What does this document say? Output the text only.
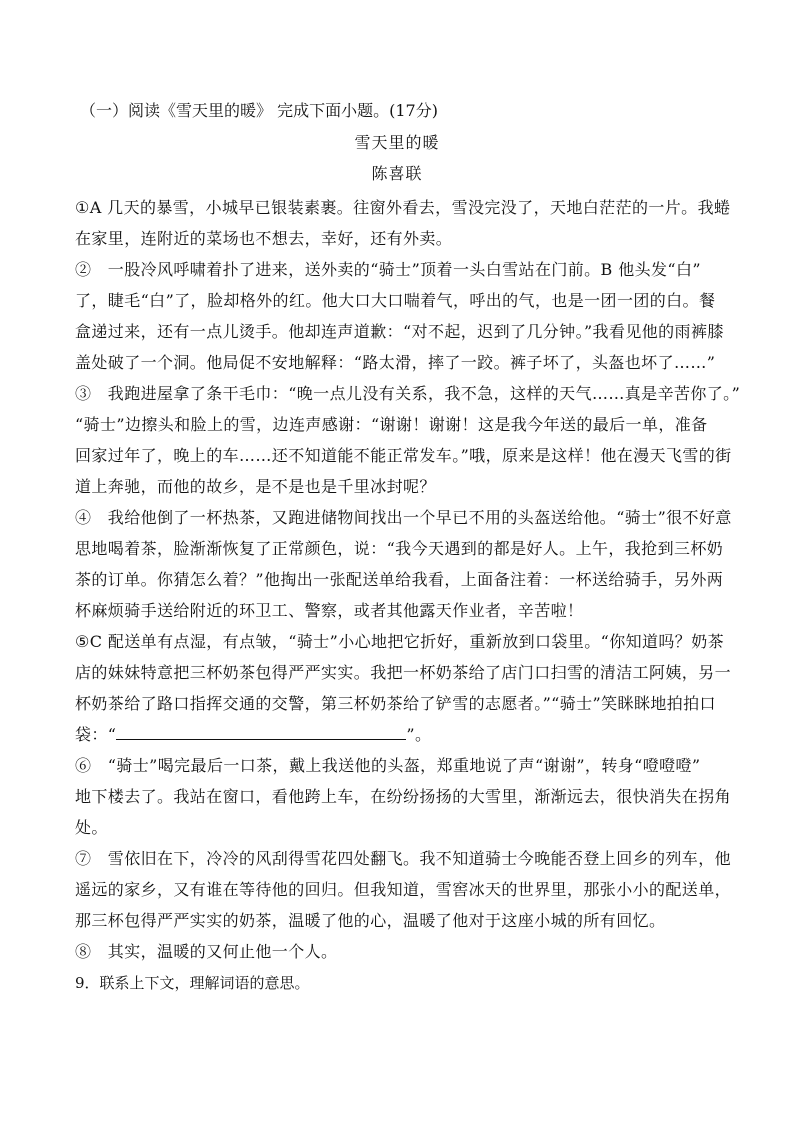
（一）阅读《雪天里的暖》 完成下面小题。(17分)
雪天里的暖
陈喜联
①A 几天的暴雪，小城早已银装素裹。往窗外看去，雪没完没了，天地白茫茫的一片。我蜷
在家里，连附近的菜场也不想去，幸好，还有外卖。
②　一股冷风呼啸着扑了进来，送外卖的“骑士”顶着一头白雪站在门前。B 他头发“白”
了，睫毛“白”了，脸却格外的红。他大口大口喘着气，呼出的气，也是一团一团的白。餐
盒递过来，还有一点儿烫手。他却连声道歉：“对不起，迟到了几分钟。”我看见他的雨裤膝
盖处破了一个洞。他局促不安地解释：“路太滑，摔了一跤。裤子坏了，头盔也坏了……”
③　我跑进屋拿了条干毛巾：“晚一点儿没有关系，我不急，这样的天气……真是辛苦你了。”
“骑士”边擦头和脸上的雪，边连声感谢：“谢谢！谢谢！这是我今年送的最后一单，准备
回家过年了，晚上的车……还不知道能不能正常发车。”哦，原来是这样！他在漫天飞雪的街
道上奔驰，而他的故乡，是不是也是千里冰封呢？
④　我给他倒了一杯热茶，又跑进储物间找出一个早已不用的头盔送给他。“骑士”很不好意
思地喝着茶，脸渐渐恢复了正常颜色，说：“我今天遇到的都是好人。上午，我抢到三杯奶
茶的订单。你猜怎么着？”他掏出一张配送单给我看，上面备注着：一杯送给骑手，另外两
杯麻烦骑手送给附近的环卫工、警察，或者其他露天作业者，辛苦啦！
⑤C 配送单有点湿，有点皱，“骑士”小心地把它折好，重新放到口袋里。“你知道吗？奶茶
店的妹妹特意把三杯奶茶包得严严实实。我把一杯奶茶给了店门口扫雪的清洁工阿姨，另一
杯奶茶给了路口指挥交通的交警，第三杯奶茶给了铲雪的志愿者。”“骑士”笑眯眯地拍拍口
袋：“	”。
⑥　“骑士”喝完最后一口茶，戴上我送他的头盔，郑重地说了声“谢谢”，转身“噔噔噔”
地下楼去了。我站在窗口，看他跨上车，在纷纷扬扬的大雪里，渐渐远去，很快消失在拐角
处。
⑦　雪依旧在下，冷冷的风刮得雪花四处翻飞。我不知道骑士今晚能否登上回乡的列车，他
遥远的家乡，又有谁在等待他的回归。但我知道，雪窖冰天的世界里，那张小小的配送单，
那三杯包得严严实实的奶茶，温暖了他的心，温暖了他对于这座小城的所有回忆。
⑧　其实，温暖的又何止他一个人。
9．联系上下文，理解词语的意思。
